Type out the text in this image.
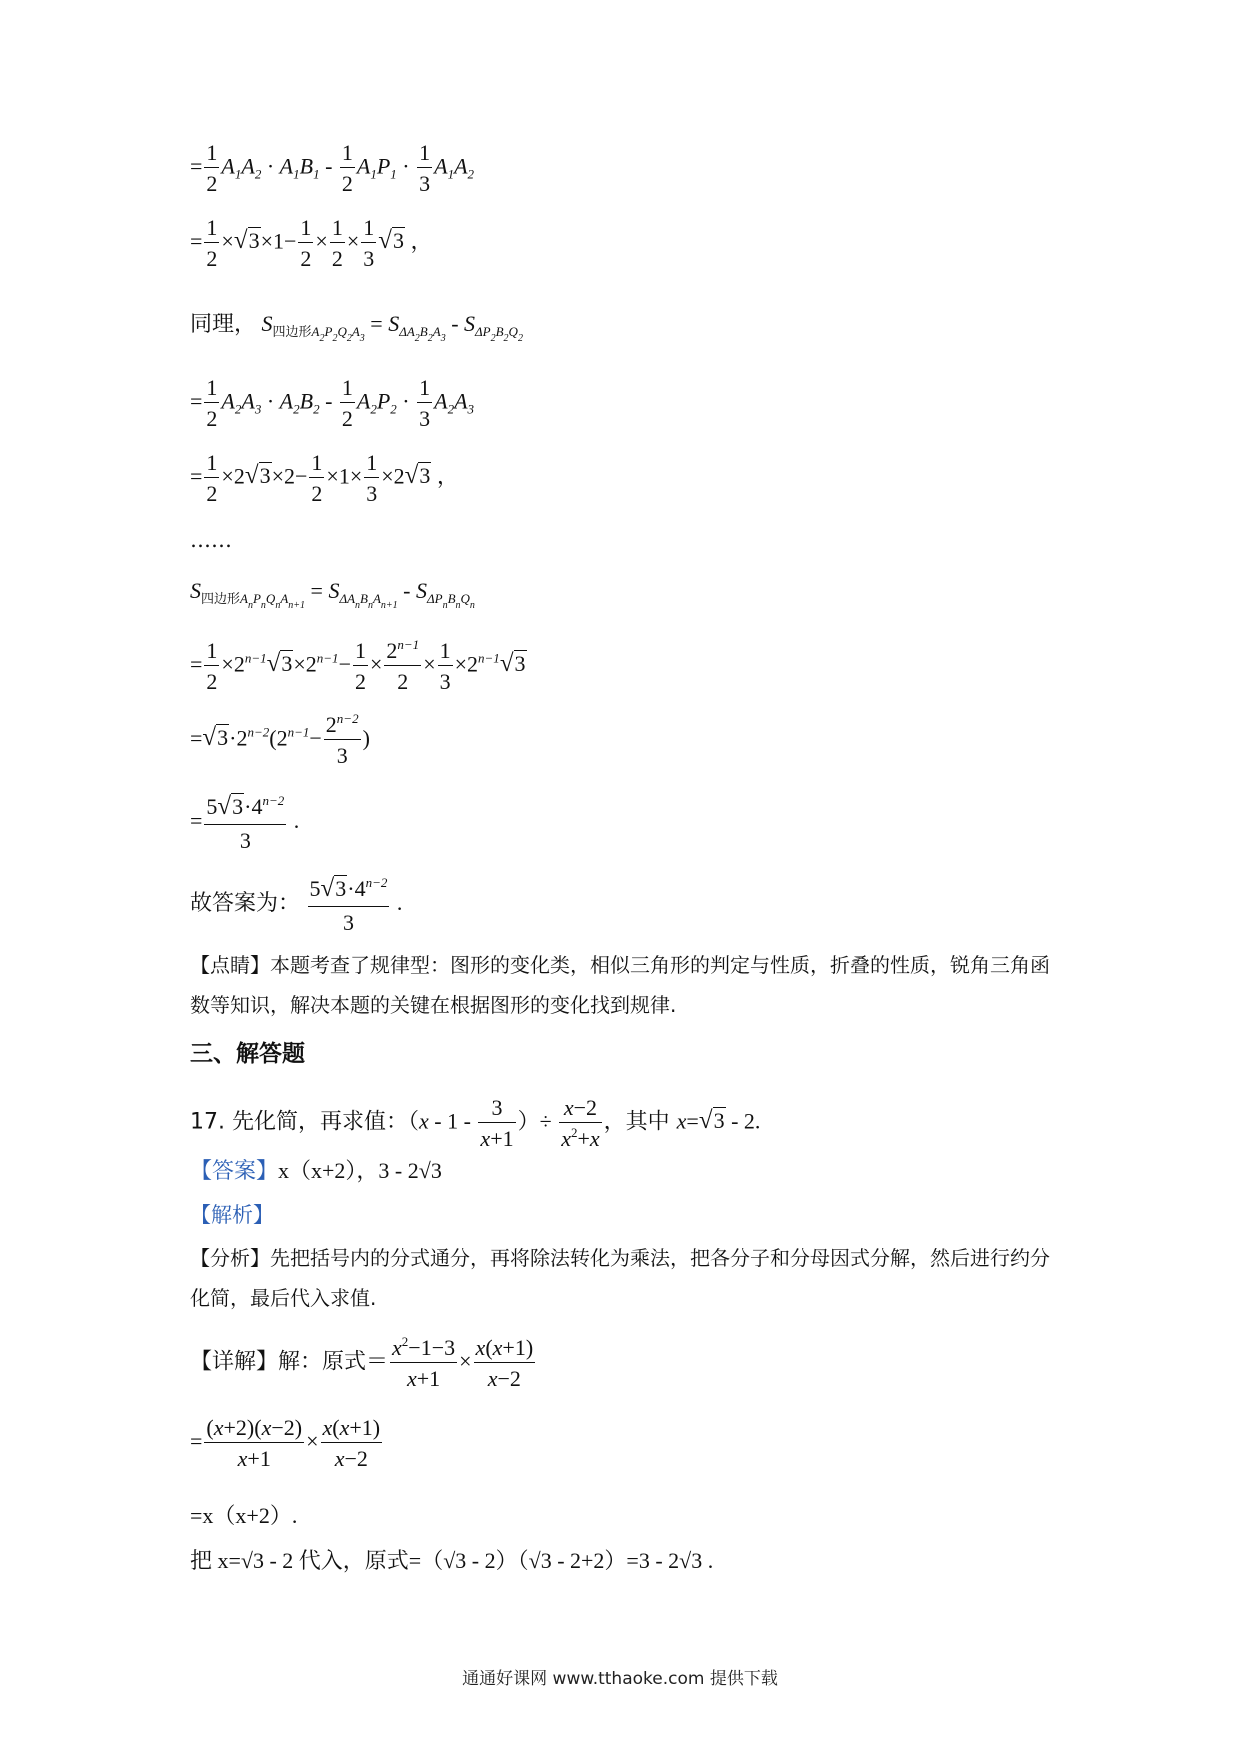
= $\frac{1}{2} A_1A_2 \cdot A_1B_1 - \frac{1}{2} A_1P_1 \cdot \frac{1}{3} A_1A_2$
= $\frac{1}{2} \times√3\times 1- \frac{1}{2} \times \frac{1}{2} \times \frac{1}{3} √3$ ，
同理， $S_{四边形A_2P_2Q_2A_3} = S_{\Delta A_2B_2A_3} - S_{\Delta P_2B_2Q_2}$
= $\frac{1}{2} A_2A_3 \cdot A_2B_2 - \frac{1}{2} A_2P_2 \cdot \frac{1}{3} A_2A_3$
= $\frac{1}{2} \times 2√3\times 2- \frac{1}{2} \times 1\times \frac{1}{3} \times 2√3$ ，
……
$S_{四边形A_nP_nQ_nA_{n+1}} = S_{\Delta A_nB_nA_{n+1}} - S_{\Delta P_nB_nQ_n}$
= $\frac{1}{2} \times 2^{n-1}√3\times 2^{n-1}- \frac{1}{2} \times \frac{2^{n-1}}{2} \times \frac{1}{3} \times 2^{n-1}√3$
$=√3\cdot 2^{n-2}(2^{n-1}- \frac{2^{n-2}}{3}$ )
= $\frac{5√3\cdot 4^{n-2}}{3}$ .
故答案为： $\frac{5√3\cdot 4^{n-2}}{3}$ .
【点睛】本题考查了规律型：图形的变化类，相似三角形的判定与性质，折叠的性质，锐角三角函数等知识，解决本题的关键在根据图形的变化找到规律.
三、解答题
17. 先化简，再求值：（$x - 1 - \frac{3}{x+1}$ ）÷ $\frac{x-2}{x^2+x}$ ，其中 x=√3 - 2.
【答案】x（x+2），3 - 2√3
【解析】
【分析】先把括号内的分式通分，再将除法转化为乘法，把各分子和分母因式分解，然后进行约分化简，最后代入求值.
【详解】解：原式＝ $\frac{x^2-1-3}{x+1} \times \frac{x(x+1)}{x-2}$
= $\frac{(x+2)(x-2)}{x+1} \times \frac{x(x+1)}{x-2}$
=x（x+2）.
把 x=√3 - 2 代入，原式=（√3 - 2）（√3 - 2+2）=3 - 2√3 .
通通好课网 www.tthaoke.com 提供下载
